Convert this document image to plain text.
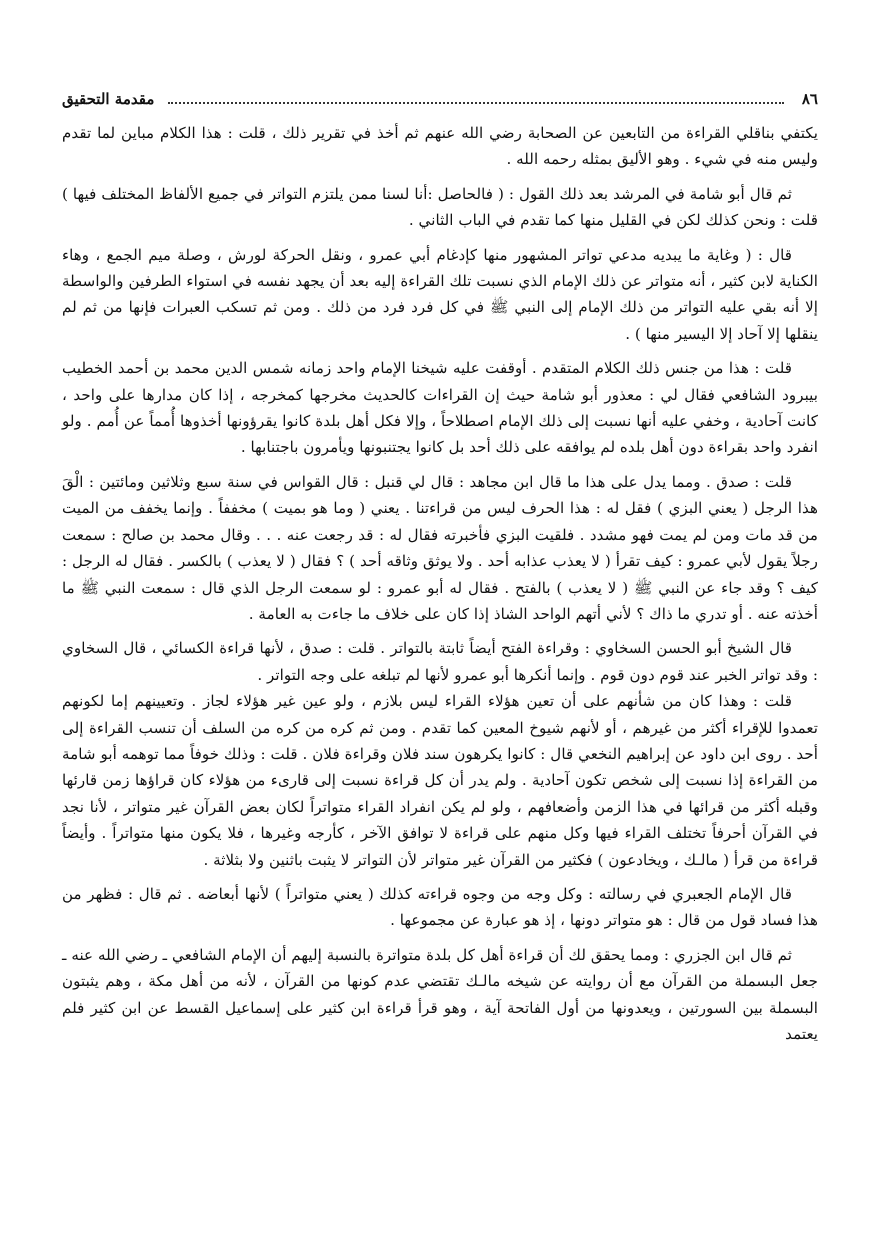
٨٦
مقدمة التحقيق

يكتفي بناقلي القراءة من التابعين عن الصحابة رضي الله عنهم ثم أخذ في تقرير ذلك ، قلت : هذا الكلام مباين لما تقدم وليس منه في شيء . وهو الأليق بمثله رحمه الله .

ثم قال أبو شامة في المرشد بعد ذلك القول : ( فالحاصل :أنا لسنا ممن يلتزم التواتر في جميع الألفاظ المختلف فيها ) قلت : ونحن كذلك لكن في القليل منها كما تقدم في الباب الثاني .

قال : ( وغاية ما يبديه مدعي تواتر المشهور منها كإدغام أبي عمرو ، ونقل الحركة لورش ، وصلة ميم الجمع ، وهاء الكناية لابن كثير ، أنه متواتر عن ذلك الإمام الذي نسبت تلك القراءة إليه بعد أن يجهد نفسه في استواء الطرفين والواسطة إلا أنه بقي عليه التواتر من ذلك الإمام إلى النبي ﷺ في كل فرد فرد من ذلك . ومن ثم تسكب العبرات فإنها من ثم لم ينقلها إلا آحاد إلا اليسير منها ) .

قلت : هذا من جنس ذلك الكلام المتقدم . أوقفت عليه شيخنا الإمام واحد زمانه شمس الدين محمد بن أحمد الخطيب بيبرود الشافعي فقال لي : معذور أبو شامة حيث إن القراءات كالحديث مخرجها كمخرجه ، إذا كان مدارها على واحد ، كانت آحادية ، وخفي عليه أنها نسبت إلى ذلك الإمام اصطلاحاً ، وإلا فكل أهل بلدة كانوا يقرؤونها أخذوها أُمماً عن أُمم . ولو انفرد واحد بقراءة دون أهل بلده لم يوافقه على ذلك أحد بل كانوا يجتنبونها ويأمرون باجتنابها .

قلت : صدق . ومما يدل على هذا ما قال ابن مجاهد : قال لي قنبل : قال القواس في سنة سبع وثلاثين ومائتين : الْقَ هذا الرجل ( يعني البزي ) فقل له : هذا الحرف ليس من قراءتنا . يعني ( وما هو بميت ) مخففاً . وإنما يخفف من الميت من قد مات ومن لم يمت فهو مشدد . فلقيت البزي فأخبرته فقال له : قد رجعت عنه . . . وقال محمد بن صالح : سمعت رجلاً يقول لأبي عمرو : كيف تقرأ ( لا يعذب عذابه أحد . ولا يوثق وثاقه أحد ) ؟ فقال ( لا يعذب ) بالكسر . فقال له الرجل : كيف ؟ وقد جاء عن النبي ﷺ ( لا يعذب ) بالفتح . فقال له أبو عمرو : لو سمعت الرجل الذي قال : سمعت النبي ﷺ ما أخذته عنه . أو تدري ما ذاك ؟ لأني أتهم الواحد الشاذ إذا كان على خلاف ما جاءت به العامة .

قال الشيخ أبو الحسن السخاوي : وقراءة الفتح أيضاً ثابتة بالتواتر . قلت : صدق ، لأنها قراءة الكسائي ، قال السخاوي : وقد تواتر الخبر عند قوم دون قوم . وإنما أنكرها أبو عمرو لأنها لم تبلغه على وجه التواتر .

قلت : وهذا كان من شأنهم على أن تعين هؤلاء القراء ليس بلازم ، ولو عين غير هؤلاء لجاز . وتعيينهم إما لكونهم تعمدوا للإقراء أكثر من غيرهم ، أو لأنهم شيوخ المعين كما تقدم . ومن ثم كره من كره من السلف أن تنسب القراءة إلى أحد . روى ابن داود عن إبراهيم النخعي قال : كانوا يكرهون سند فلان وقراءة فلان . قلت : وذلك خوفاً مما توهمه أبو شامة من القراءة إذا نسبت إلى شخص تكون آحادية . ولم يدر أن كل قراءة نسبت إلى قارىء من هؤلاء كان قراؤها زمن قارئها وقبله أكثر من قرائها في هذا الزمن وأضعافهم ، ولو لم يكن انفراد القراء متواتراً لكان بعض القرآن غير متواتر ، لأنا نجد في القرآن أحرفاً تختلف القراء فيها وكل منهم على قراءة لا توافق الآخر ، كأرجه وغيرها ، فلا يكون منها متواتراً . وأيضاً قراءة من قرأ ( مالـك ، ويخادعون ) فكثير من القرآن غير متواتر لأن التواتر لا يثبت باثنين ولا بثلاثة .

قال الإمام الجعبري في رسالته : وكل وجه من وجوه قراءته كذلك ( يعني متواتراً ) لأنها أبعاضه . ثم قال : فظهر من هذا فساد قول من قال : هو متواتر دونها ، إذ هو عبارة عن مجموعها .

ثم قال ابن الجزري : ومما يحقق لك أن قراءة أهل كل بلدة متواترة بالنسبة إليهم أن الإمام الشافعي ـ رضي الله عنه ـ جعل البسملة من القرآن مع أن روايته عن شيخه مالـك تقتضي عدم كونها من القرآن ، لأنه من أهل مكة ، وهم يثبتون البسملة بين السورتين ، ويعدونها من أول الفاتحة آية ، وهو قرأ قراءة ابن كثير على إسماعيل القسط عن ابن كثير فلم يعتمد
